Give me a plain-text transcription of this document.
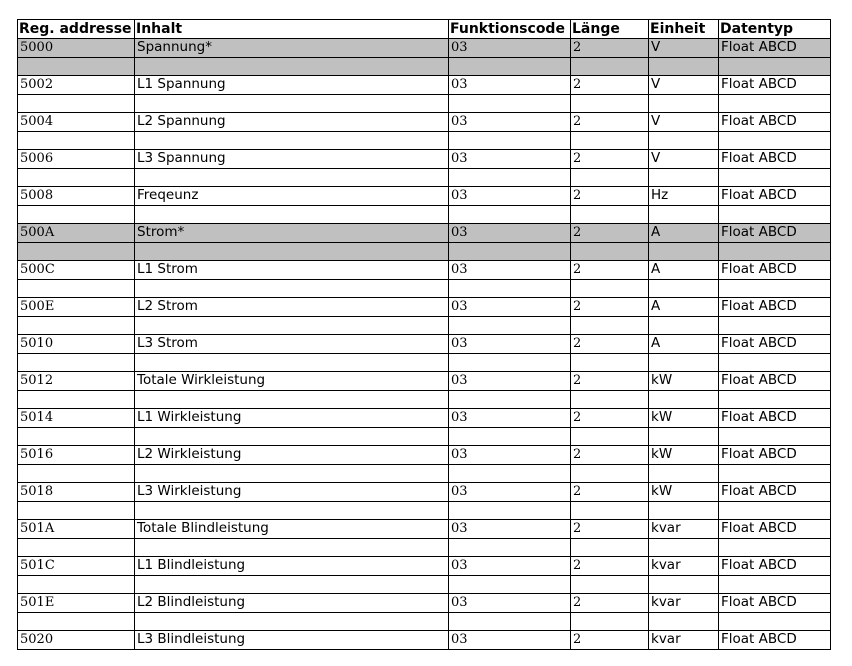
Reg. addresse	Inhalt	Funktionscode	Länge	Einheit	Datentyp
5000	Spannung*	03	2	V	Float ABCD

5002	L1 Spannung	03	2	V	Float ABCD

5004	L2 Spannung	03	2	V	Float ABCD

5006	L3 Spannung	03	2	V	Float ABCD

5008	Freqeunz	03	2	Hz	Float ABCD

500A	Strom*	03	2	A	Float ABCD

500C	L1 Strom	03	2	A	Float ABCD

500E	L2 Strom	03	2	A	Float ABCD

5010	L3 Strom	03	2	A	Float ABCD

5012	Totale Wirkleistung	03	2	kW	Float ABCD

5014	L1 Wirkleistung	03	2	kW	Float ABCD

5016	L2 Wirkleistung	03	2	kW	Float ABCD

5018	L3 Wirkleistung	03	2	kW	Float ABCD

501A	Totale Blindleistung	03	2	kvar	Float ABCD

501C	L1 Blindleistung	03	2	kvar	Float ABCD

501E	L2 Blindleistung	03	2	kvar	Float ABCD

5020	L3 Blindleistung	03	2	kvar	Float ABCD
